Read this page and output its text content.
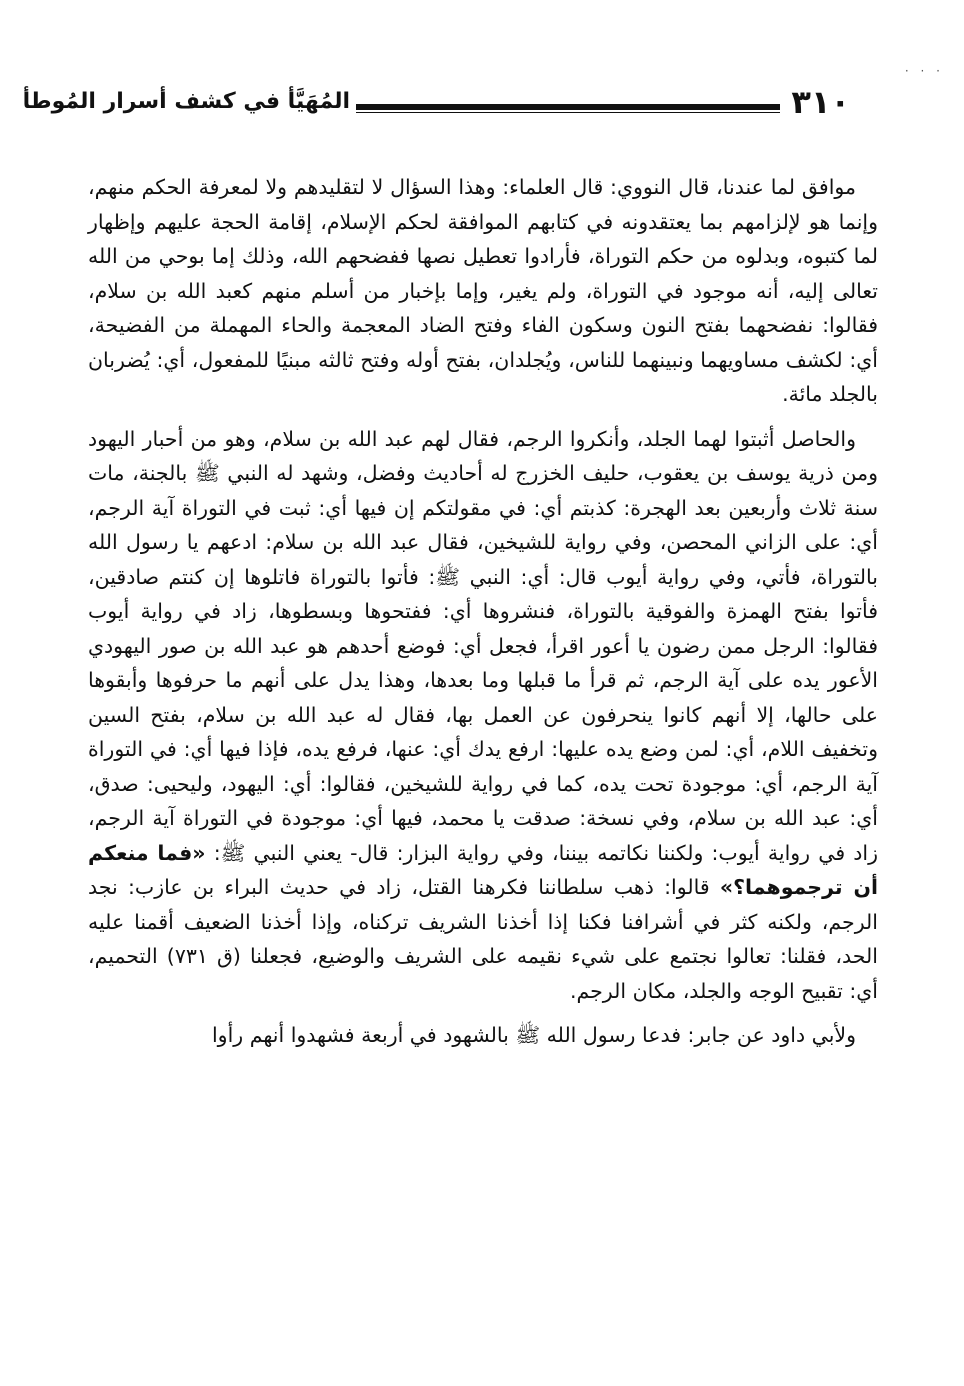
· · ·
٣١٠
المُهَيَّأ في كشف أسرار المُوطأ

موافق لما عندنا، قال النووي: قال العلماء: وهذا السؤال لا لتقليدهم ولا لمعرفة الحكم منهم، وإنما هو لإلزامهم بما يعتقدونه في كتابهم الموافقة لحكم الإسلام، إقامة الحجة عليهم وإظهار لما كتبوه، وبدلوه من حكم التوراة، فأرادوا تعطيل نصها ففضحهم الله، وذلك إما بوحي من الله تعالى إليه، أنه موجود في التوراة، ولم يغير، وإما بإخبار من أسلم منهم كعبد الله بن سلام، فقالوا: نفضحهما بفتح النون وسكون الفاء وفتح الضاد المعجمة والحاء المهملة من الفضيحة، أي: لكشف مساويهما ونبينهما للناس، ويُجلدان، بفتح أوله وفتح ثالثه مبنيًا للمفعول، أي: يُضربان بالجلد مائة.

والحاصل أثبتوا لهما الجلد، وأنكروا الرجم، فقال لهم عبد الله بن سلام، وهو من أحبار اليهود ومن ذرية يوسف بن يعقوب، حليف الخزرج له أحاديث وفضل، وشهد له النبي ﷺ بالجنة، مات سنة ثلاث وأربعين بعد الهجرة: كذبتم أي: في مقولتكم إن فيها أي: ثبت في التوراة آية الرجم، أي: على الزاني المحصن، وفي رواية للشيخين، فقال عبد الله بن سلام: ادعهم يا رسول الله بالتوراة، فأتي، وفي رواية أيوب قال: أي: النبي ﷺ: فأتوا بالتوراة فاتلوها إن كنتم صادقين، فأتوا بفتح الهمزة والفوقية بالتوراة، فنشروها أي: ففتحوها وبسطوها، زاد في رواية أيوب فقالوا: الرجل ممن رضون يا أعور اقرأ، فجعل أي: فوضع أحدهم هو عبد الله بن صور اليهودي الأعور يده على آية الرجم، ثم قرأ ما قبلها وما بعدها، وهذا يدل على أنهم ما حرفوها وأبقوها على حالها، إلا أنهم كانوا ينحرفون عن العمل بها، فقال له عبد الله بن سلام، بفتح السين وتخفيف اللام، أي: لمن وضع يده عليها: ارفع يدك أي: عنها، فرفع يده، فإذا فيها أي: في التوراة آية الرجم، أي: موجودة تحت يده، كما في رواية للشيخين، فقالوا: أي: اليهود، وليحيى: صدق، أي: عبد الله بن سلام، وفي نسخة: صدقت يا محمد، فيها أي: موجودة في التوراة آية الرجم، زاد في رواية أيوب: ولكننا نكاتمه بيننا، وفي رواية البزار: قال- يعني النبي ﷺ: «فما منعكم أن ترجموهما؟» قالوا: ذهب سلطاننا فكرهنا القتل، زاد في حديث البراء بن عازب: نجد الرجم، ولكنه كثر في أشرافنا فكنا إذا أخذنا الشريف تركناه، وإذا أخذنا الضعيف أقمنا عليه الحد، فقلنا: تعالوا نجتمع على شيء نقيمه على الشريف والوضيع، فجعلنا (ق ٧٣١) التحميم، أي: تقبيح الوجه والجلد، مكان الرجم.

ولأبي داود عن جابر: فدعا رسول الله ﷺ بالشهود في أربعة فشهدوا أنهم رأوا
